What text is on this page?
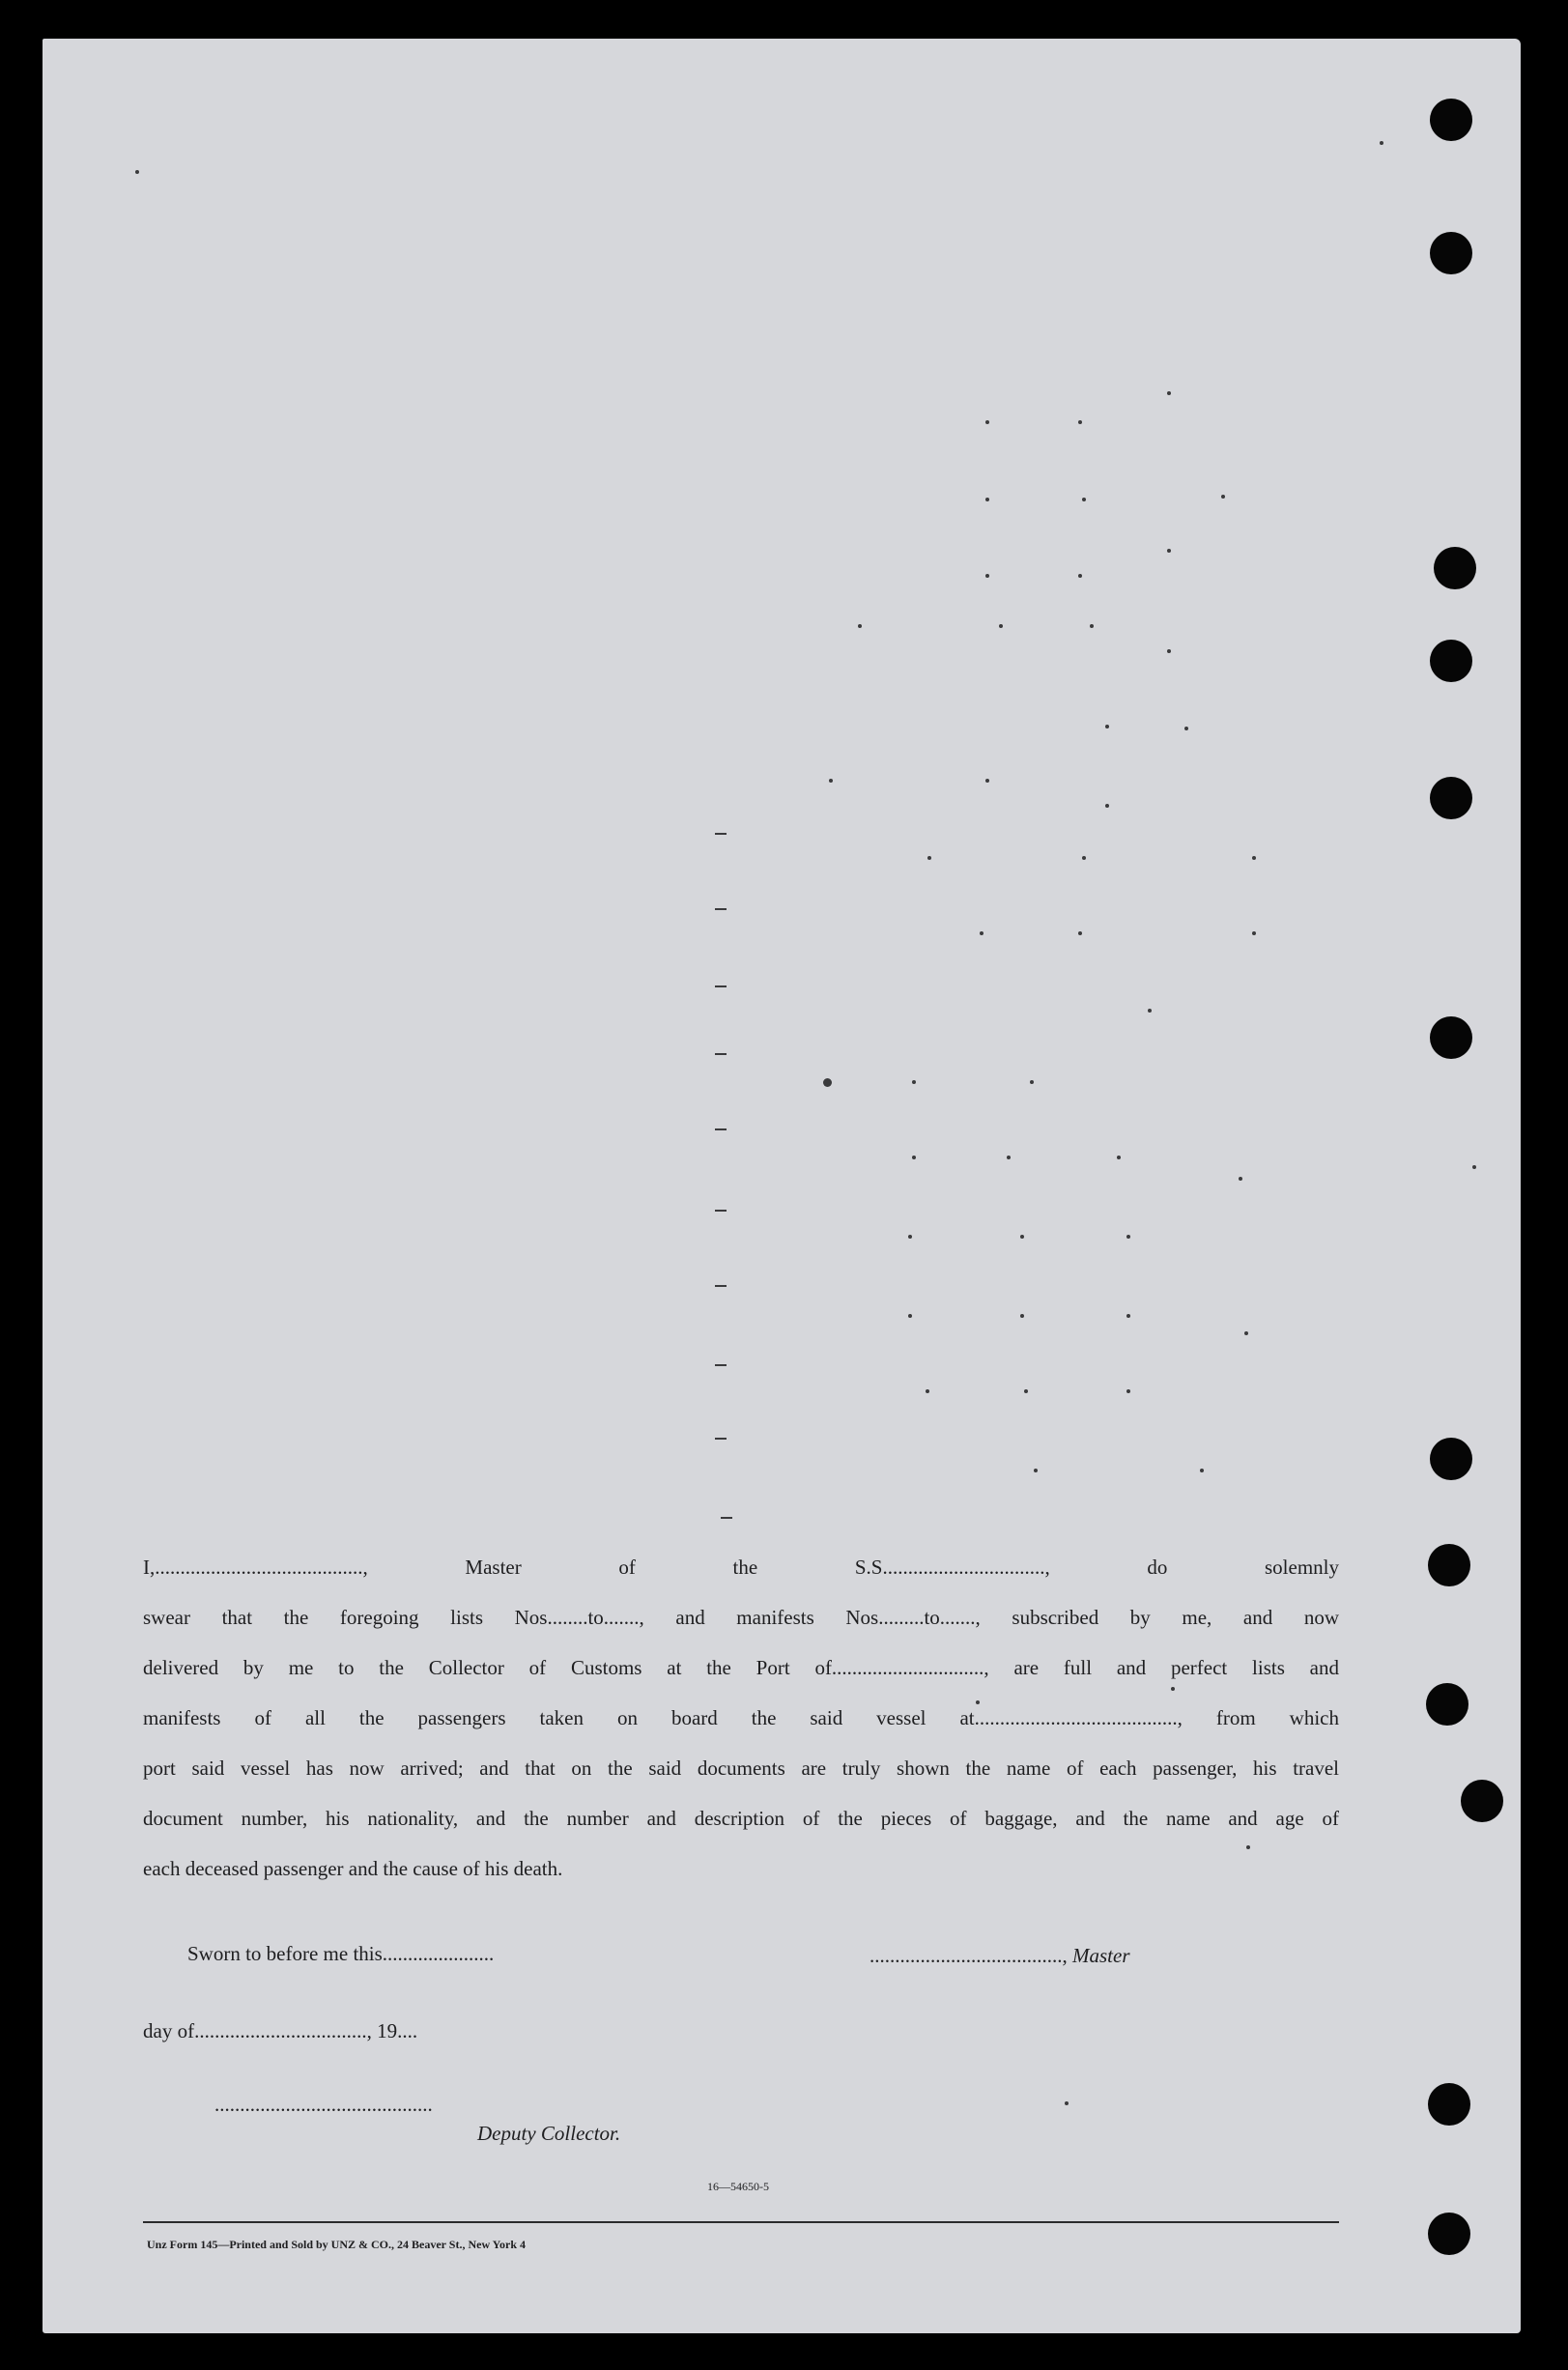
I,........................................., Master of the S.S................................, do solemnly
swear that the foregoing lists Nos........to......., and manifests Nos.........to......., subscribed by me, and now
delivered by me to the Collector of Customs at the Port of.............................., are full and perfect lists and
manifests of all the passengers taken on board the said vessel at........................................, from which
port said vessel has now arrived; and that on the said documents are truly shown the name of each passenger, his travel
document number, his nationality, and the number and description of the pieces of baggage, and the name and age of
each deceased passenger and the cause of his death.
Sworn to before me this......................	......................................, Master
day of.................................., 19....
...........................................
Deputy Collector.
16—54650-5
Unz Form 145—Printed and Sold by UNZ & CO., 24 Beaver St., New York 4
